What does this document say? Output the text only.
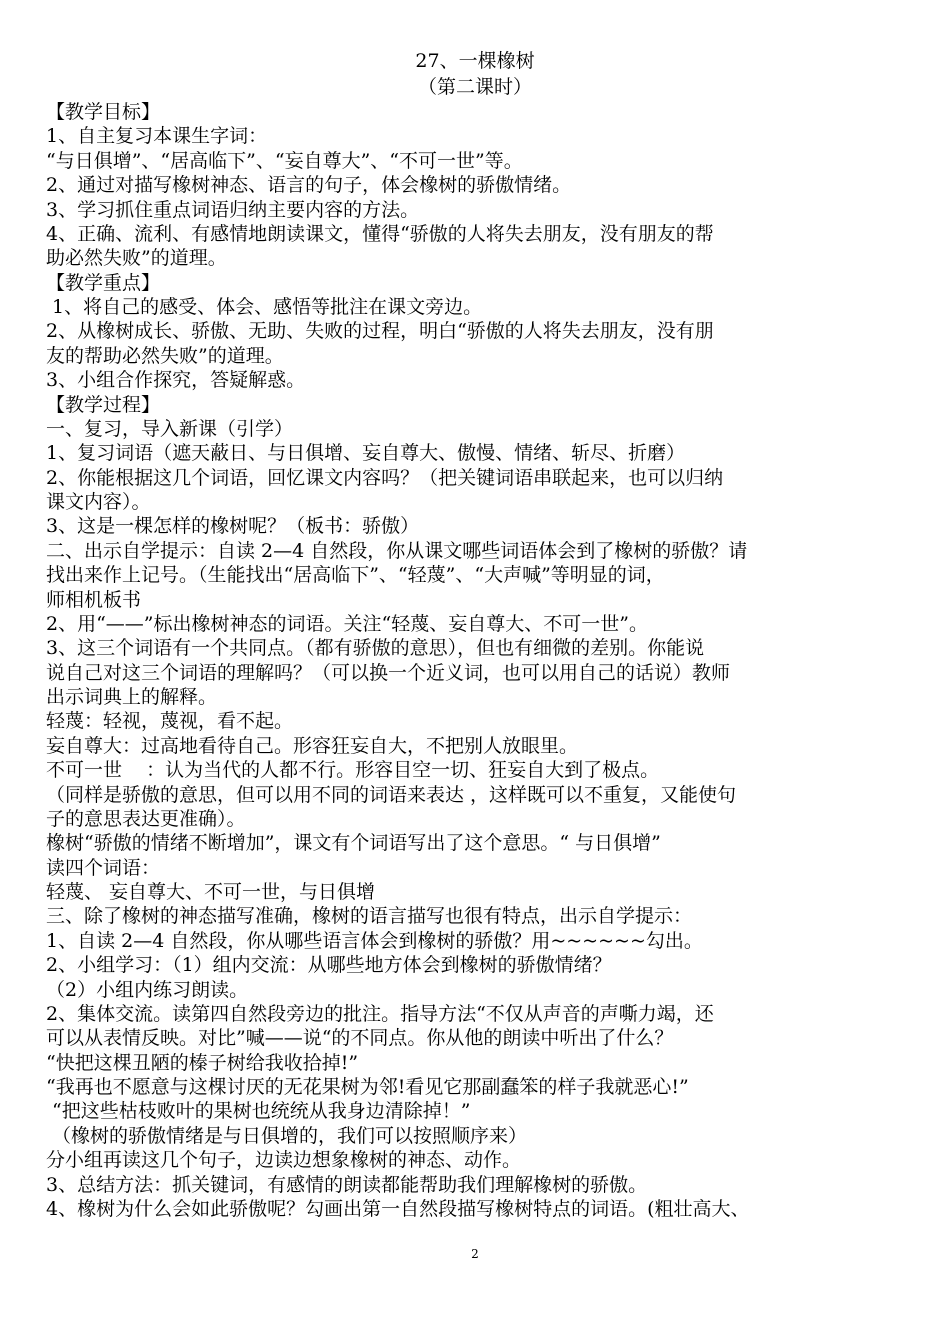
27、一棵橡树
（第二课时）
【教学目标】
1、自主复习本课生字词：
“与日俱增”、“居高临下”、“妄自尊大”、“不可一世”等。
2、通过对描写橡树神态、语言的句子，体会橡树的骄傲情绪。
3、学习抓住重点词语归纳主要内容的方法。
4、正确、流利、有感情地朗读课文，懂得“骄傲的人将失去朋友，没有朋友的帮
助必然失败”的道理。
【教学重点】
1、将自己的感受、体会、感悟等批注在课文旁边。
2、从橡树成长、骄傲、无助、失败的过程，明白“骄傲的人将失去朋友，没有朋
友的帮助必然失败”的道理。
3、小组合作探究，答疑解惑。
【教学过程】
一、复习，导入新课（引学）
1、复习词语（遮天蔽日、与日俱增、妄自尊大、傲慢、情绪、斩尽、折磨）
2、你能根据这几个词语，回忆课文内容吗？（把关键词语串联起来，也可以归纳
课文内容）。
3、这是一棵怎样的橡树呢？（板书：骄傲）
二、出示自学提示：自读 2—4 自然段，你从课文哪些词语体会到了橡树的骄傲？请
找出来作上记号。（生能找出“居高临下”、“轻蔑”、“大声喊”等明显的词，
师相机板书
2、用“——”标出橡树神态的词语。关注“轻蔑、妄自尊大、不可一世”。
3、这三个词语有一个共同点。（都有骄傲的意思），但也有细微的差别。你能说
说自己对这三个词语的理解吗？（可以换一个近义词，也可以用自己的话说）教师
出示词典上的解释。
轻蔑：轻视，蔑视，看不起。
妄自尊大：过高地看待自己。形容狂妄自大，不把别人放眼里。
不可一世    ：认为当代的人都不行。形容目空一切、狂妄自大到了极点。
（同样是骄傲的意思，但可以用不同的词语来表达 ，这样既可以不重复，又能使句
子的意思表达更准确）。
橡树“骄傲的情绪不断增加”，课文有个词语写出了这个意思。“ 与日俱增”
读四个词语：
轻蔑、 妄自尊大、不可一世，与日俱增
三、除了橡树的神态描写准确，橡树的语言描写也很有特点，出示自学提示：
1、自读 2—4 自然段，你从哪些语言体会到橡树的骄傲？用~~~~~~勾出。
2、小组学习：（1）组内交流：从哪些地方体会到橡树的骄傲情绪？
（2）小组内练习朗读。
2、集体交流。读第四自然段旁边的批注。指导方法“不仅从声音的声嘶力竭，还
可以从表情反映。对比”喊——说“的不同点。你从他的朗读中听出了什么？
“快把这棵丑陋的榛子树给我收拾掉!”
“我再也不愿意与这棵讨厌的无花果树为邻!看见它那副蠢笨的样子我就恶心!”
“把这些枯枝败叶的果树也统统从我身边清除掉！”
（橡树的骄傲情绪是与日俱增的，我们可以按照顺序来）
分小组再读这几个句子，边读边想象橡树的神态、动作。
3、总结方法：抓关键词，有感情的朗读都能帮助我们理解橡树的骄傲。
4、橡树为什么会如此骄傲呢？勾画出第一自然段描写橡树特点的词语。(粗壮高大、
2
